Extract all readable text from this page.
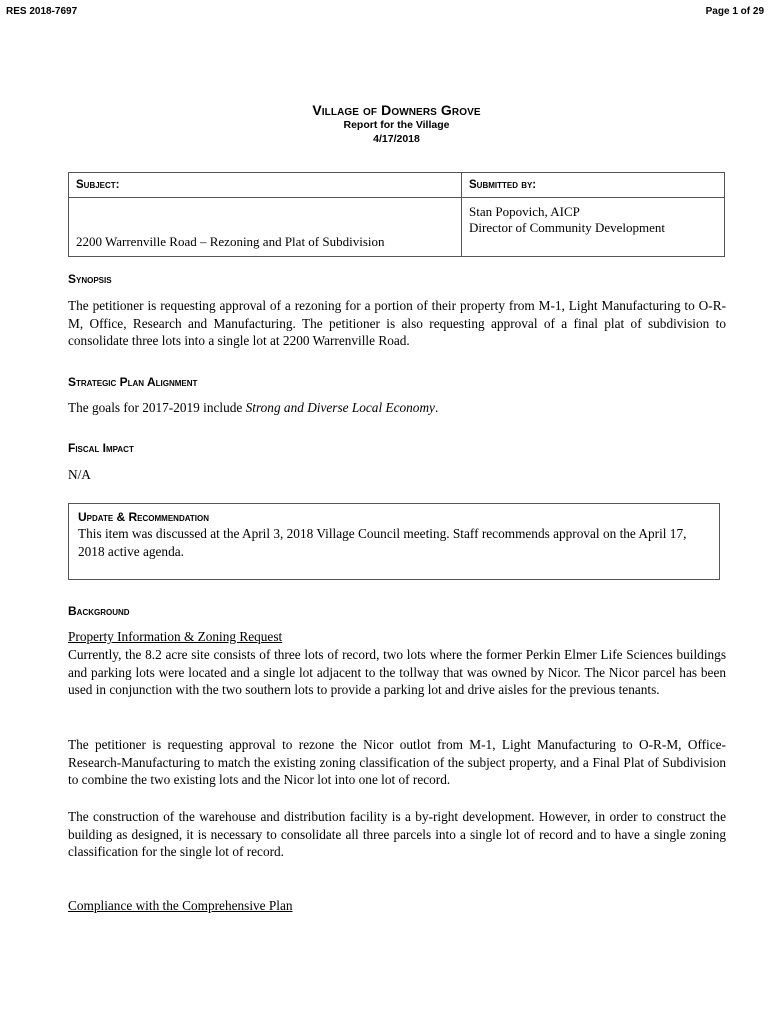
RES 2018-7697	Page 1 of 29
Village of Downers Grove
Report for the Village
4/17/2018
Subject:	Submitted by:
2200 Warrenville Road – Rezoning and Plat of Subdivision	Stan Popovich, AICP
Director of Community Development
Synopsis
The petitioner is requesting approval of a rezoning for a portion of their property from M-1, Light Manufacturing to O-R-M, Office, Research and Manufacturing. The petitioner is also requesting approval of a final plat of subdivision to consolidate three lots into a single lot at 2200 Warrenville Road.
Strategic Plan Alignment
The goals for 2017-2019 include Strong and Diverse Local Economy.
Fiscal Impact
N/A
Update & Recommendation
This item was discussed at the April 3, 2018 Village Council meeting. Staff recommends approval on the April 17, 2018 active agenda.
Background
Property Information & Zoning Request
Currently, the 8.2 acre site consists of three lots of record, two lots where the former Perkin Elmer Life Sciences buildings and parking lots were located and a single lot adjacent to the tollway that was owned by Nicor. The Nicor parcel has been used in conjunction with the two southern lots to provide a parking lot and drive aisles for the previous tenants.
The petitioner is requesting approval to rezone the Nicor outlot from M-1, Light Manufacturing to O-R-M, Office-Research-Manufacturing to match the existing zoning classification of the subject property, and a Final Plat of Subdivision to combine the two existing lots and the Nicor lot into one lot of record.
The construction of the warehouse and distribution facility is a by-right development. However, in order to construct the building as designed, it is necessary to consolidate all three parcels into a single lot of record and to have a single zoning classification for the single lot of record.
Compliance with the Comprehensive Plan
